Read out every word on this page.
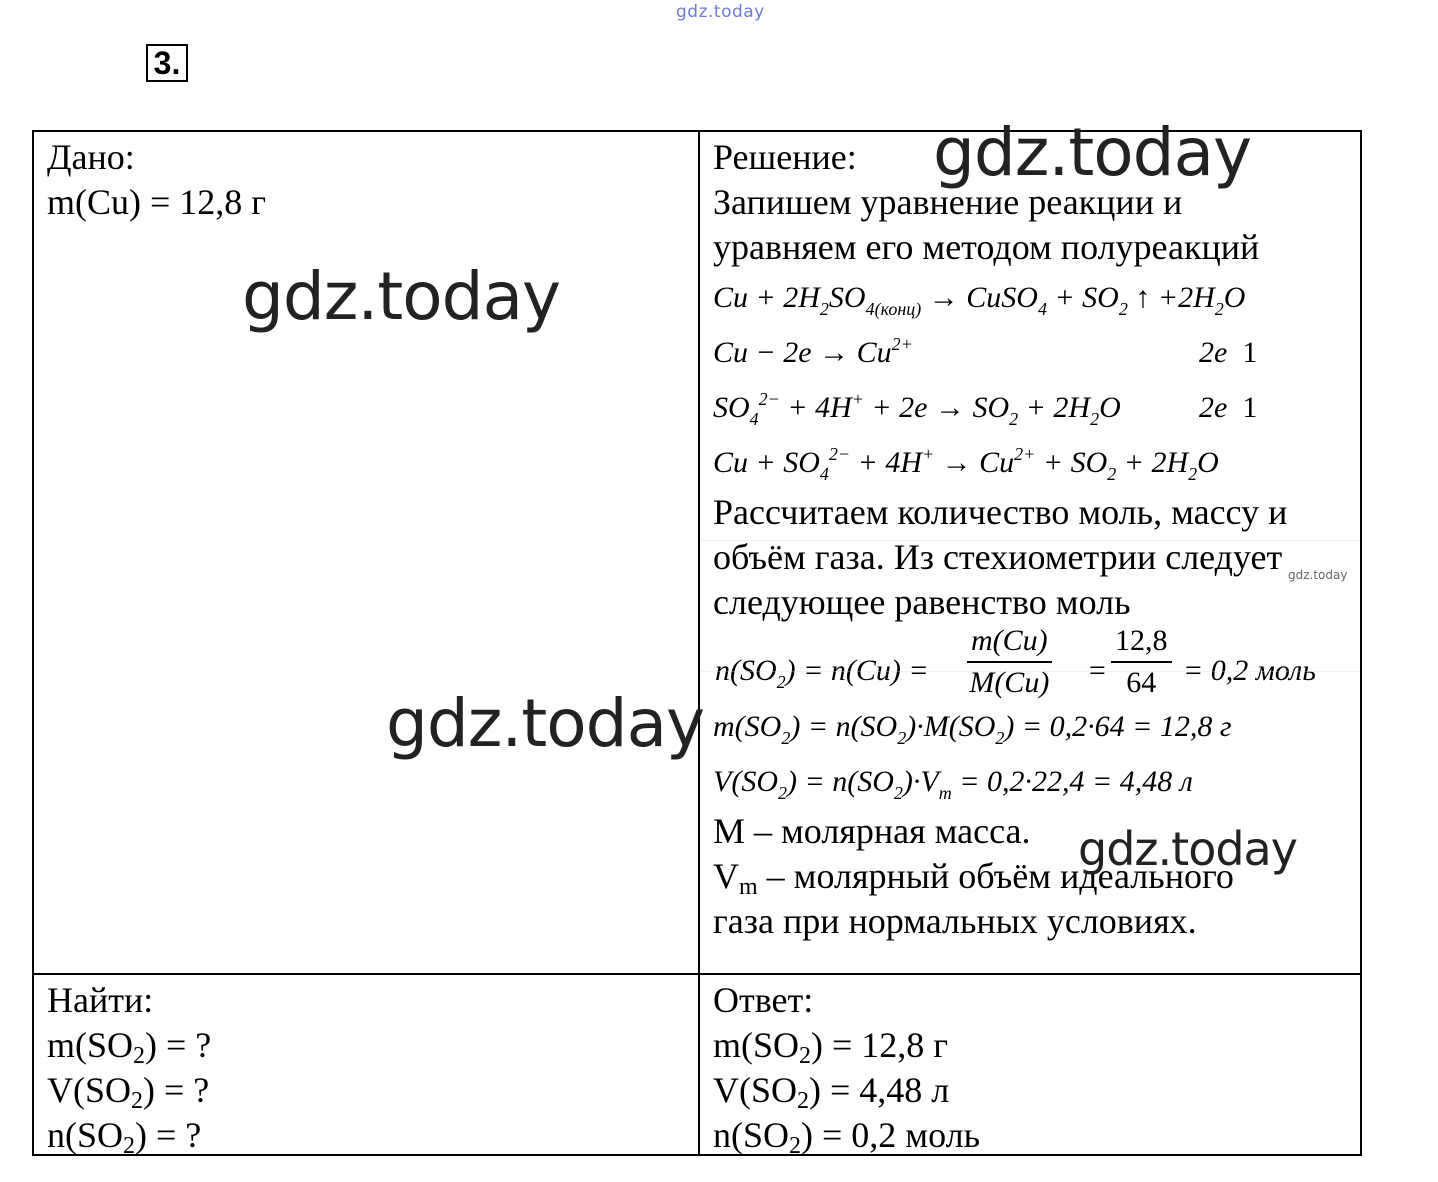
gdz.today
3.
Дано:
m(Cu) = 12,8 г
Найти:
$m(SO_2)$ = ?
$V(SO_2)$ = ?
$n(SO_2)$ = ?
Решение:
Запишем уравнение реакции и
уравняем его методом полуреакций
$Cu + 2H_2SO_{4(конц)}$ → CuSO$_4$ + $SO_2$ ↑ $+2H_2O$
$Cu - 2e \to Cu^{2+}$	2e 1
$SO_4^{2-} + 4H^+ + 2e \to SO_2 + 2H_2O$	2e 1
$Cu + SO_4^{2-} + 4H^+ \to Cu^{2+} + SO_2 + 2H_2O$
Рассчитаем количество моль, массу и
объём газа. Из стехиометрии следует
следующее равенство моль
$n(SO_2) = n(Cu) = \frac{m(Cu)}{M(Cu)} = \frac{12,8}{64} = 0,2$ моль
$m(SO_2) = n(SO_2)\cdot M(SO_2) = 0,2\cdot 64 = 12,8$ г
$V(SO_2) = n(SO_2)\cdot V_m = 0,2\cdot 22,4 = 4,48$ л
M – молярная масса.
$V_m$ – молярный объём идеального
газа при нормальных условиях.
Ответ:
$m(SO_2) = 12,8$ г
$V(SO_2) = 4,48$ л
$n(SO_2) = 0,2$ моль
gdz.today
gdz.today
gdz.today
gdz.today
gdz.today
